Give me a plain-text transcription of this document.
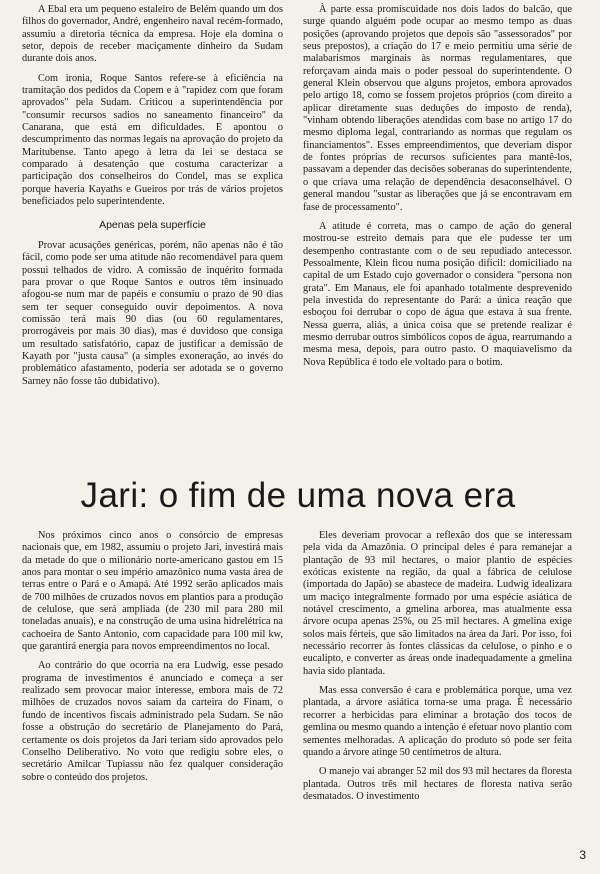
A Ebal era um pequeno estaleiro de Belém quando um dos filhos do governador, André, engenheiro naval recém-formado, assumiu a diretoria técnica da empresa. Hoje ela domina o setor, depois de receber maciçamente dinheiro da Sudam durante dois anos.

Com ironia, Roque Santos refere-se à eficiência na tramitação dos pedidos da Copem e à "rapidez com que foram aprovados" pela Sudam. Criticou a superintendência por "consumir recursos sadios no saneamento financeiro" da Canarana, que está em dificuldades. E apontou o descumprimento das normas legais na aprovação do projeto da Maritubense. Tanto apego à letra da lei se destaca se comparado à desatenção que costuma caracterizar a participação dos conselheiros do Condel, mas se explica porque haveria Kayaths e Gueiros por trás de vários projetos beneficiados pelo superintendente.

Apenas pela superfície

Provar acusações genéricas, porém, não apenas não é tão fácil, como pode ser uma atitude não recomendável para quem possui telhados de vidro. A comissão de inquérito formada para provar o que Roque Santos e outros têm insinuado afogou-se num mar de papéis e consumiu o prazo de 90 dias sem ter sequer conseguido ouvir depoimentos. A nova comissão terá mais 90 dias (ou 60 regulamentares, prorrogáveis por mais 30 dias), mas é duvidoso que consiga um resultado satisfatório, capaz de justificar a demissão de Kayath por "justa causa" (a simples exoneração, ao invés do problemático afastamento, poderia ser adotada se o governo Sarney não fosse tão dubidativo).

À parte essa promiscuidade nos dois lados do balcão, que surge quando alguém pode ocupar ao mesmo tempo as duas posições (aprovando projetos que depois são "assessorados" por seus prepostos), a criação do 17 e meio permitiu uma série de malabarismos marginais às normas regulamentares, que reforçavam ainda mais o poder pessoal do superintendente. O general Klein observou que alguns projetos, embora aprovados pelo artigo 18, como se fossem projetos próprios (com direito a aplicar diretamente suas deduções do imposto de renda), "vinham obtendo liberações atendidas com base no artigo 17 do mesmo diploma legal, contrariando as normas que regulam os financiamentos". Esses empreendimentos, que deveriam dispor de fontes próprias de recursos suficientes para mantê-los, passavam a depender das decisões soberanas do superintendente, o que criava uma relação de dependência desaconselhável. O general mandou "sustar as liberações que já se encontravam em fase de processamento".

A atitude é correta, mas o campo de ação do general mostrou-se estreito demais para que ele pudesse ter um desempenho contrastante com o de seu repudiado antecessor. Pessoalmente, Klein ficou numa posição difícil: domiciliado na capital de um Estado cujo governador o considera "persona non grata". Em Manaus, ele foi apanhado totalmente desprevenido pela investida do representante do Pará: a única reação que esboçou foi derrubar o copo de água que estava à sua frente. Nessa guerra, aliás, a única coisa que se pretende realizar é mesmo derrubar outros simbólicos copos de água, rearrumando a mesma mesa, depois, para outro pasto. O maquiavelismo da Nova República é todo ele voltado para o botim.

Jari: o fim de uma nova era

Nos próximos cinco anos o consórcio de empresas nacionais que, em 1982, assumiu o projeto Jari, investirá mais da metade do que o milionário norte-americano gastou em 15 anos para montar o seu império amazônico numa vasta área de terras entre o Pará e o Amapá. Até 1992 serão aplicados mais de 700 milhões de cruzados novos em plantios para a produção de celulose, que será ampliada (de 230 mil para 280 mil toneladas anuais), e na construção de uma usina hidrelétrica na cachoeira de Santo Antonio, com capacidade para 100 mil kw, que garantirá energia para novos empreendimentos no local.

Ao contrário do que ocorria na era Ludwig, esse pesado programa de investimentos é anunciado e começa a ser realizado sem provocar maior interesse, embora mais de 72 milhões de cruzados novos saiam da carteira do Finam, o fundo de incentivos fiscais administrado pela Sudam. Se não fosse a obstrução do secretário de Planejamento do Pará, certamente os dois projetos da Jari teriam sido aprovados pelo Conselho Deliberativo. No voto que redigiu sobre eles, o secretário Amilcar Tupiassu não fez qualquer consideração sobre o conteúdo dos projetos.

Eles deveriam provocar a reflexão dos que se interessam pela vida da Amazônia. O principal deles é para remanejar a plantação de 93 mil hectares, o maior plantio de espécies exóticas existente na região, da qual a fábrica de celulose (importada do Japão) se abastece de madeira. Ludwig idealizara um maciço integralmente formado por uma espécie asiática de notável crescimento, a gmelina arborea, mas atualmente essa árvore ocupa apenas 25%, ou 25 mil hectares. A gmelina exige solos mais férteis, que são limitados na área da Jari. Por isso, foi necessário recorrer às fontes clássicas da celulose, o pinho e o eucalipto, e converter as áreas onde inadequadamente a gmelina havia sido plantada.

Mas essa conversão é cara e problemática porque, uma vez plantada, a árvore asiática torna-se uma praga. É necessário recorrer a herbicidas para eliminar a brotação dos tocos de gemlina ou mesmo quando a intenção é efetuar novo plantio com sementes melhoradas. A aplicação do produto só pode ser feita quando a árvore atinge 50 centímetros de altura.

O manejo vai abranger 52 mil dos 93 mil hectares da floresta plantada. Outros três mil hectares de floresta nativa serão desmatados. O investimento

3
